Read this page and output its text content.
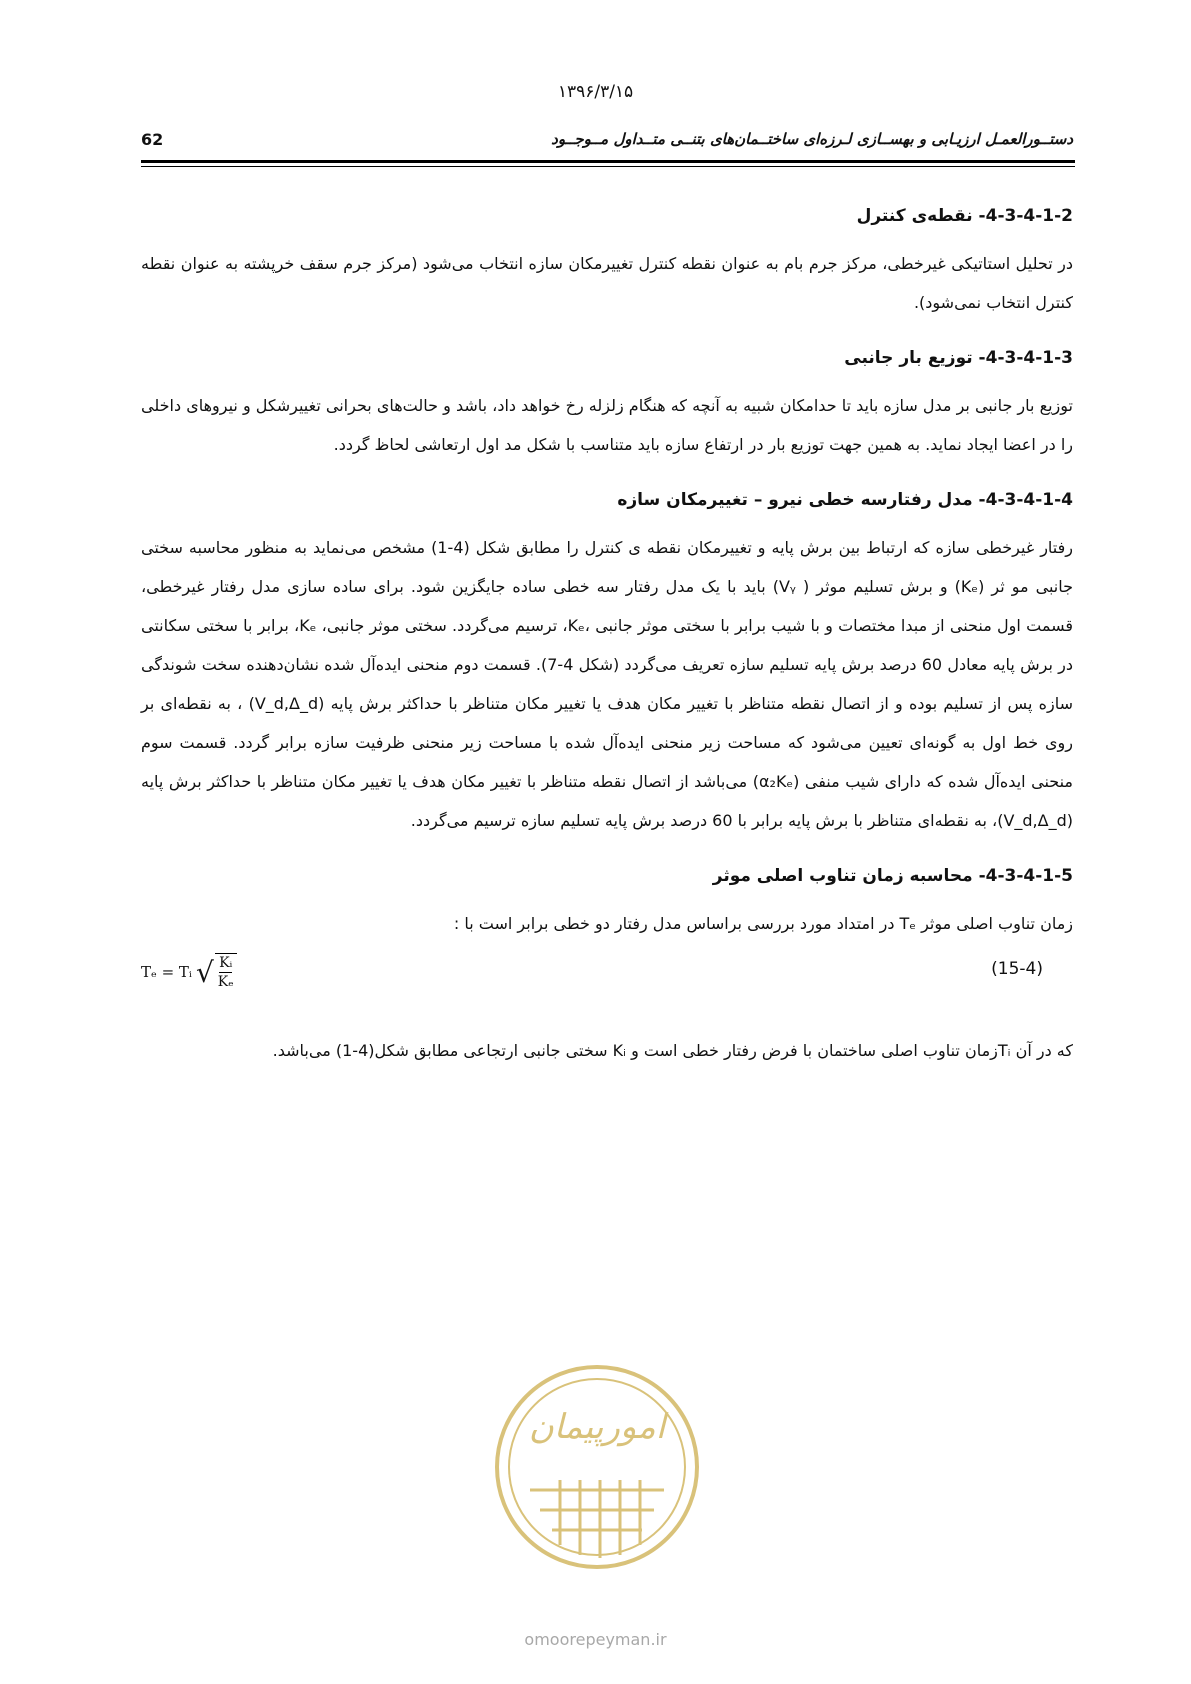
۱۳۹۶/۳/۱۵
دستــورالعمـل ارزیـابی و بهســازی لـرزه‌ای ساختــمان‌های بتنــی متــداول مــوجــود
62
4-3-4-1-2- نقطه‌ی کنترل

در تحلیل استاتیکی غیرخطی، مرکز جرم بام به عنوان نقطه کنترل تغییرمکان سازه انتخاب می‌شود (مرکز جرم سقف خرپشته به عنوان نقطه کنترل انتخاب نمی‌شود).

4-3-4-1-3- توزیع بار جانبی

توزیع بار جانبی بر مدل سازه باید تا حدامکان شبیه به آنچه که هنگام زلزله رخ خواهد داد، باشد و حالت‌های بحرانی تغییرشکل و نیروهای داخلی را در اعضا ایجاد نماید. به همین جهت توزیع بار در ارتفاع سازه باید متناسب با شکل مد اول ارتعاشی لحاظ گردد.

4-3-4-1-4- مدل رفتارسه خطی نیرو – تغییرمکان سازه

رفتار غیرخطی سازه که ارتباط بین برش پایه و تغییرمکان نقطه ی کنترل را مطابق شکل (4-1) مشخص می‌نماید به منظور محاسبه سختی جانبی مو ثر (Kₑ) و برش تسلیم موثر ( Vᵧ) باید با یک مدل رفتار سه خطی ساده جایگزین شود. برای ساده سازی مدل رفتار غیرخطی، قسمت اول منحنی از مبدا مختصات و با شیب برابر با سختی موثر جانبی ،Kₑ، ترسیم می‌گردد. سختی موثر جانبی، Kₑ، برابر با سختی سکانتی در برش پایه معادل 60 درصد برش پایه تسلیم سازه تعریف می‌گردد (شکل 4-7). قسمت دوم منحنی ایده‌آل شده نشان‌دهنده سخت شوندگی سازه پس از تسلیم بوده و از اتصال نقطه متناظر با تغییر مکان هدف یا تغییر مکان متناظر با حداکثر برش پایه (V_d,Δ_d) ، به نقطه‌ای بر روی خط اول به گونه‌ای تعیین می‌شود که مساحت زیر منحنی ایده‌آل شده با مساحت زیر منحنی ظرفیت سازه برابر گردد. قسمت سوم منحنی ایده‌آل شده که دارای شیب منفی (α₂Kₑ) می‌باشد از اتصال نقطه متناظر با تغییر مکان هدف یا تغییر مکان متناظر با حداکثر برش پایه (V_d,Δ_d)، به نقطه‌ای متناظر با برش پایه برابر با 60 درصد برش پایه تسلیم سازه ترسیم می‌گردد.

4-3-4-1-5- محاسبه زمان تناوب اصلی موثر

زمان تناوب اصلی موثر Tₑ در امتداد مورد بررسی براساس مدل رفتار دو خطی برابر است با :

Tₑ = Tᵢ √ $\frac{\text{Kᵢ}}{\text{Kₑ}}$	(15-4)

که در آن Tᵢزمان تناوب اصلی ساختمان با فرض رفتار خطی است و Kᵢ سختی جانبی ارتجاعی مطابق شکل(4-1) می‌باشد.

امورپیمان
omoorepeyman.ir
